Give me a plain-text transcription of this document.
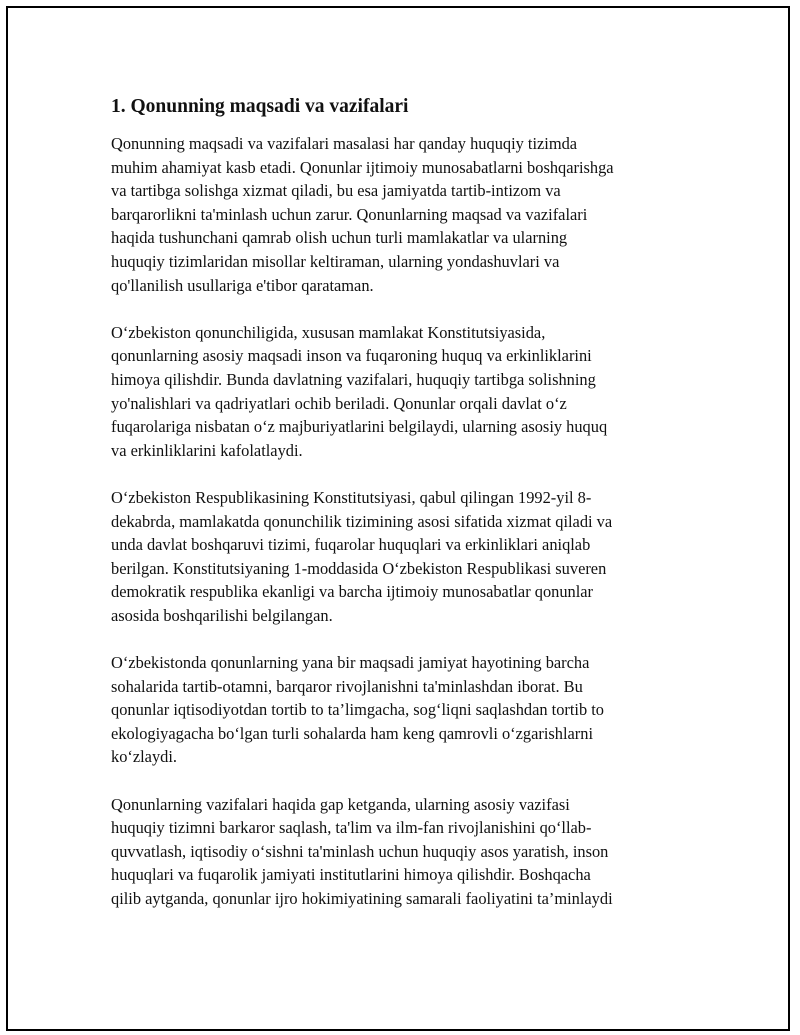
1. Qonunning maqsadi va vazifalari

Qonunning maqsadi va vazifalari masalasi har qanday huquqiy tizimda
muhim ahamiyat kasb etadi. Qonunlar ijtimoiy munosabatlarni boshqarishga
va tartibga solishga xizmat qiladi, bu esa jamiyatda tartib-intizom va
barqarorlikni ta'minlash uchun zarur. Qonunlarning maqsad va vazifalari
haqida tushunchani qamrab olish uchun turli mamlakatlar va ularning
huquqiy tizimlaridan misollar keltiraman, ularning yondashuvlari va
qo'llanilish usullariga e'tibor qarataman.

O‘zbekiston qonunchiligida, xususan mamlakat Konstitutsiyasida,
qonunlarning asosiy maqsadi inson va fuqaroning huquq va erkinliklarini
himoya qilishdir. Bunda davlatning vazifalari, huquqiy tartibga solishning
yo'nalishlari va qadriyatlari ochib beriladi. Qonunlar orqali davlat o‘z
fuqarolariga nisbatan o‘z majburiyatlarini belgilaydi, ularning asosiy huquq
va erkinliklarini kafolatlaydi.

O‘zbekiston Respublikasining Konstitutsiyasi, qabul qilingan 1992-yil 8-
dekabrda, mamlakatda qonunchilik tizimining asosi sifatida xizmat qiladi va
unda davlat boshqaruvi tizimi, fuqarolar huquqlari va erkinliklari aniqlab
berilgan. Konstitutsiyaning 1-moddasida O‘zbekiston Respublikasi suveren
demokratik respublika ekanligi va barcha ijtimoiy munosabatlar qonunlar
asosida boshqarilishi belgilangan.

O‘zbekistonda qonunlarning yana bir maqsadi jamiyat hayotining barcha
sohalarida tartib-otamni, barqaror rivojlanishni ta'minlashdan iborat. Bu
qonunlar iqtisodiyotdan tortib to ta’limgacha, sog‘liqni saqlashdan tortib to
ekologiyagacha bo‘lgan turli sohalarda ham keng qamrovli o‘zgarishlarni
ko‘zlaydi.

Qonunlarning vazifalari haqida gap ketganda, ularning asosiy vazifasi
huquqiy tizimni barkaror saqlash, ta'lim va ilm-fan rivojlanishini qo‘llab-
quvvatlash, iqtisodiy o‘sishni ta'minlash uchun huquqiy asos yaratish, inson
huquqlari va fuqarolik jamiyati institutlarini himoya qilishdir. Boshqacha
qilib aytganda, qonunlar ijro hokimiyatining samarali faoliyatini ta’minlaydi
